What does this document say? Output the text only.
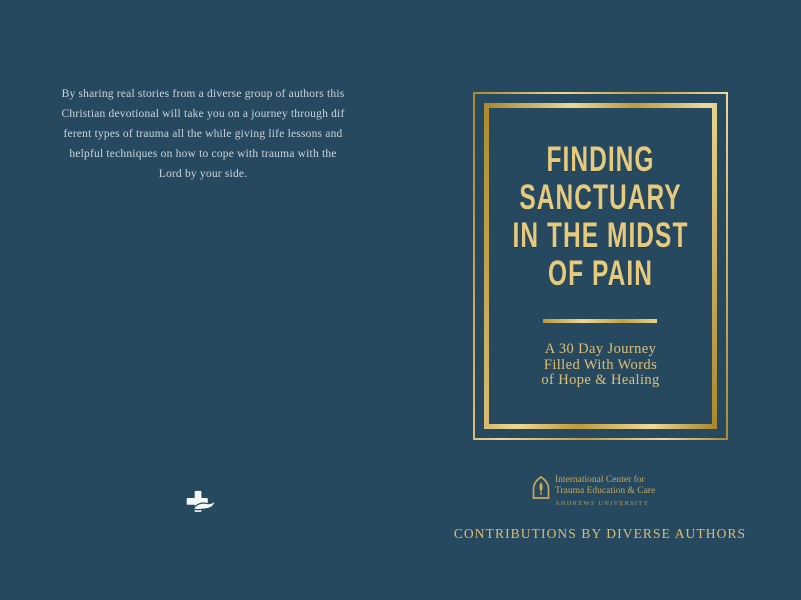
By sharing real stories from a diverse group of authors this
Christian devotional will take you on a journey through dif
ferent types of trauma all the while giving life lessons and
helpful techniques on how to cope with trauma with the
Lord by your side.	FINDING
SANCTUARY
IN THE MIDST
OF PAIN
A 30 Day Journey
Filled With Words
of Hope & Healing
International Center for
Trauma Education & Care
ANDREWS UNIVERSITY
CONTRIBUTIONS BY DIVERSE AUTHORS
